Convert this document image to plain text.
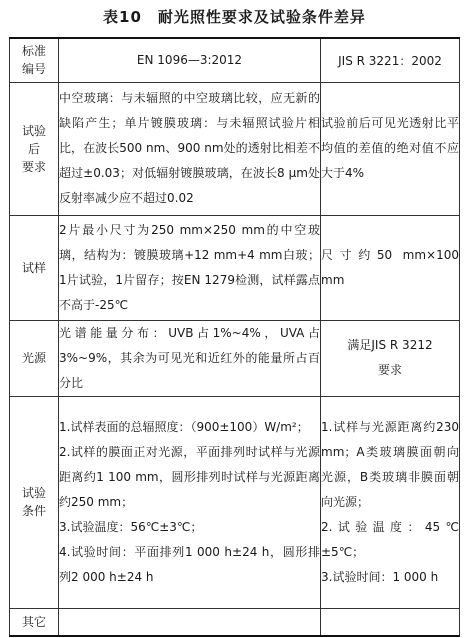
表10　耐光照性要求及试验条件差异
标准
编号	EN 1096—3:2012	JIS R 3221：2002

试验
后
要求	中空玻璃：与未辐照的中空玻璃比较，应无新的缺陷产生；单片镀膜玻璃：与未辐照试验片相比，在波长500 nm、900 nm处的透射比相差不超过±0.03；对低辐射镀膜玻璃，在波长8 μm处反射率减少应不超过0.02	试验前后可见光透射比平均值的差值的绝对值不应大于4%

试样	2片最小尺寸为250 mm×250 mm的中空玻璃，结构为：镀膜玻璃+12 mm+4 mm白玻；1片试验，1片留存；按EN 1279检测，试样露点不高于-25℃	尺寸约50 mm×100 mm

光源	光谱能量分布：UVB占1%~4%，UVA占3%~9%，其余为可见光和近红外的能量所占百分比	满足JIS R 3212
要求

试验
条件	1.试样表面的总辐照度：（900±100）W/m²；
2.试样的膜面正对光源，平面排列时试样与光源距离约1 100 mm，圆形排列时试样与光源距离约250 mm；
3.试验温度：56℃±3℃；
4.试验时间：平面排列1 000 h±24 h，圆形排列2 000 h±24 h	1.试样与光源距离约230 mm；A类玻璃膜面朝向光源，B类玻璃非膜面朝向光源；
2.试验温度：45℃±5℃；
3.试验时间：1 000 h

其它		
